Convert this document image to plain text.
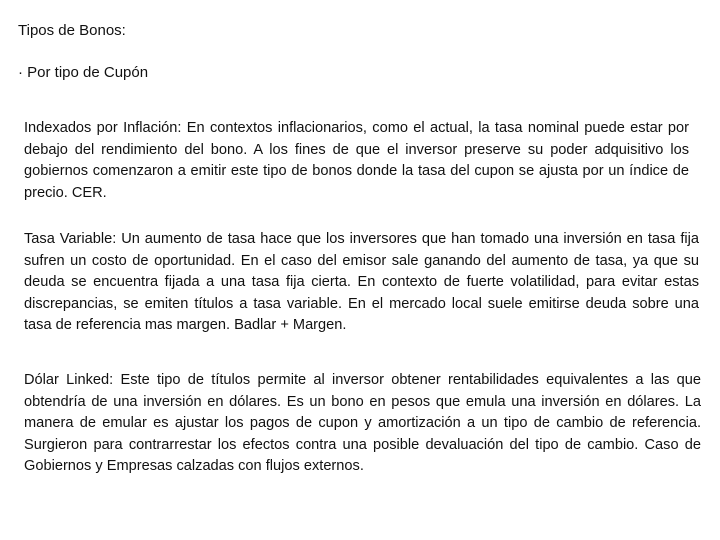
Tipos de Bonos:
· Por tipo de Cupón

Indexados por Inflación: En contextos inflacionarios, como el actual, la tasa nominal puede estar por debajo del rendimiento del bono. A los fines de que el inversor preserve su poder adquisitivo los gobiernos comenzaron a emitir este tipo de bonos donde la tasa del cupon se ajusta por un índice de precio. CER.

Tasa Variable: Un aumento de tasa hace que los inversores que han tomado una inversión en tasa fija sufren un costo de oportunidad. En el caso del emisor sale ganando del aumento de tasa, ya que su deuda se encuentra fijada a una tasa fija cierta. En contexto de fuerte volatilidad, para evitar estas discrepancias, se emiten títulos a tasa variable. En el mercado local suele emitirse deuda sobre una tasa de referencia mas margen. Badlar + Margen.

Dólar Linked: Este tipo de títulos permite al inversor obtener rentabilidades equivalentes a las que obtendría de una inversión en dólares. Es un bono en pesos que emula una inversión en dólares. La manera de emular es ajustar los pagos de cupon y amortización a un tipo de cambio de referencia. Surgieron para contrarrestar los efectos contra una posible devaluación del tipo de cambio. Caso de Gobiernos y Empresas calzadas con flujos externos.
